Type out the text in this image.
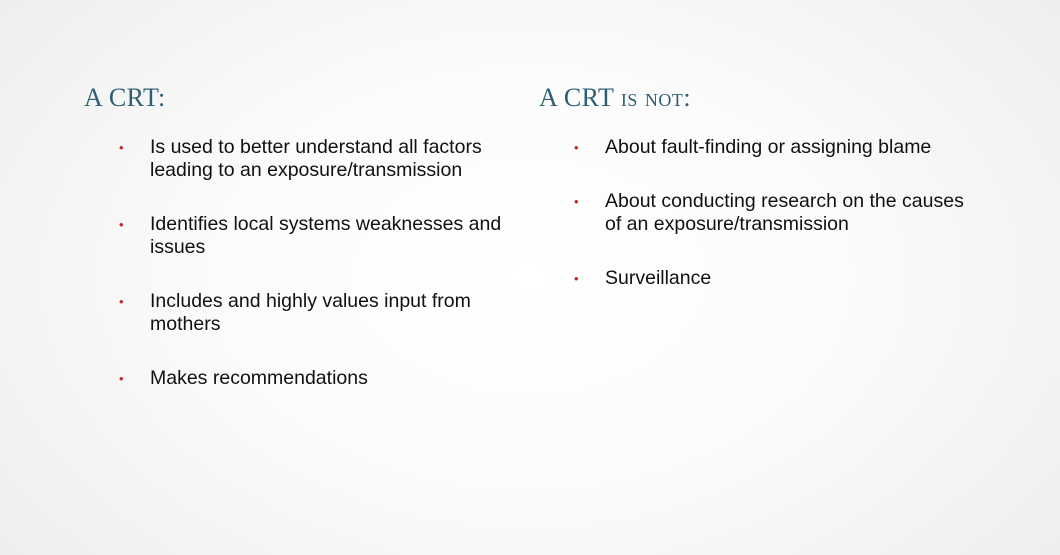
A CRT:
• Is used to better understand all factors leading to an exposure/transmission
• Identifies local systems weaknesses and issues
• Includes and highly values input from mothers
• Makes recommendations
A CRT is not:
• About fault-finding or assigning blame
• About conducting research on the causes of an exposure/transmission
• Surveillance
